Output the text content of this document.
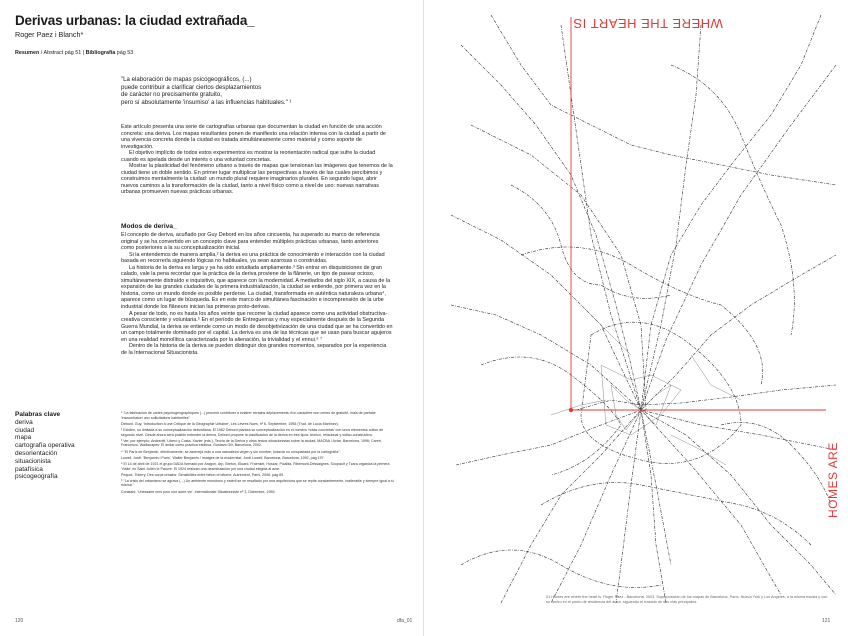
Derivas urbanas: la ciudad extrañada_
Roger Paez i Blanch*
Resumen / Abstract pág 51 | Bibliografía pág 53
"La elaboración de mapas psicogeográficos, (...)
puede contribuir a clarificar ciertos desplazamientos
de carácter no precisamente gratuito,
pero sí absolutamente 'insumiso' a las influencias habituales." ¹

Este artículo presenta una serie de cartografías urbanas que documentan la ciudad en función de una acción concreta: una deriva. Los mapas resultantes ponen de manifiesto una relación intensa con la ciudad a partir de una vivencia concreta donde la ciudad es tratada simultáneamente como material y como soporte de investigación.

El objetivo implícito de todos estos experimentos es mostrar la reorientación radical que sufre la ciudad cuando es apelada desde un interés o una voluntad concretas.

Mostrar la plasticidad del fenómeno urbano a través de mapas que tensionan las imágenes que tenemos de la ciudad tiene un doble sentido. En primer lugar multiplicar las perspectivas a través de las cuales percibimos y construimos mentalmente la ciudad: un mundo plural requiere imaginarios plurales. En segundo lugar, abrir nuevos caminos a la transformación de la ciudad, tanto a nivel físico como a nivel de uso: nuevas narrativas urbanas promueven nuevas prácticas urbanas.

Modos de deriva_

El concepto de deriva, acuñado por Guy Debord en los años cincuenta, ha superado su marco de referencia original y se ha convertido en un concepto clave para entender múltiples prácticas urbanas, tanto anteriores como posteriores a la su conceptualización inicial.

Si la entendemos de manera amplia,² la deriva es una práctica de conocimiento e interacción con la ciudad basada en recorrerla siguiendo lógicas no habituales, ya sean azarosas o construidas.

La historia de la deriva es larga y ya ha sido estudiada ampliamente.³ Sin entrar en disquisiciones de gran calado, vale la pena recordar que la práctica de la deriva proviene de la flânerie, un tipo de pasear ocioso, simultáneamente distraído e inquisitivo, que aparece con la modernidad. A mediados del siglo XIX, a causa de la expansión de las grandes ciudades de la primera industrialización, la ciudad se entiende, por primera vez en la historia, como un mundo donde es posible perderse. La ciudad, transformada en auténtica naturaleza urbana⁴, aparece como un lugar de búsqueda. Es en este marco de simultánea fascinación e incomprensión de la urbe industrial donde los flâneurs inician las primeras proto-derivas.

A pesar de todo, no es hasta los años veinte que recorrer la ciudad aparece como una actividad obstructiva-creativa consciente y voluntaria.⁵ En el período de Entreguerras y muy especialmente después de la Segunda Guerra Mundial, la deriva se entiende como un modo de desobjetivización de una ciudad que se ha convertido en un campo totalmente dominado por el capital. La deriva es una de las técnicas que se usan para buscar agujeros en una realidad monolítica caracterizada por la alienación, la trivialidad y el ennui.⁶ ⁷

Dentro de la historia de la deriva se pueden distinguir dos grandes momentos, separados por la experiencia de la Internacional Situacionista.

Palabras clave
deriva
ciudad
mapa
cartografía operativa
desorientación
situacionista
patafísica
psicogeografía
¹ "La fabricación de cartes psychogéographiques (...) peuvent contribuer à éclairer certains déplacements d'un caractère non certes de gratuité, mais de parfaite 'insoumission' aux sollicitations habituelles"
Debord, Guy, 'Introduction à une Critique de la Géographie Urbaine', Les Lèvres Nues, nº 6, Septiembre, 1955 (Trad. de Lucía Martínez).
² Existen, no limitada a su conceptualización debordiana. El 1962 Debord plantea su conceptualización en el número 'notas concretas' con unos elementos cultos de segundo nivel. Desde ahora será posible entender la deriva, Debord propone la clasificación de la deriva en tres tipos: teórico, relacional y lúdico-constructivo.
³ Ver, por ejemplo: Andreotti, Libero y Costa, Xavier (eds.), Teoría de la Deriva y otros textos situacionistas sobre la ciudad, MACBA / Actar, Barcelona, 1996; Careri, Francesco, Walkscapes: El andar como práctica estética, Gustavo Gili, Barcelona, 2002.
⁴ "El París de Benjamin, efectivamente, se asemeja más a una naturaleza virgen y sin nombre, todavía no conquistada por la cartografía".
Lowell, Jordi. 'Benjamin i París', Walter Benjamin / Imatges de la modernitat, Jordi Lowell, Barcelona, Barcelona, 1992, pág 197.
⁵ El 14 de abril de 1921 el grupo DADA formado por Aragon, Arp, Breton, Eluard, Fraenkel, Huszar, Picabia, Ribemont-Dessaignes, Soupault y Tzara organiza la primera 'Visite' en Saint Julien le Pauvre. El 1924 realizan una deambulación por una ciudad elegida al azar.
Pequot, Thierry, Des corps urbains: Sensibilités entre béton et bitume, Autrement, París, 2006, pág 89.
⁶ "La crisis del urbanismo se agrava (...) Un ambiente monótono y estéril se ve resaltado por una arquitectura que se repite constantemente, inalterable y siempre igual a sí misma."
Constant. 'Unessaire vers pour une autre vie', Internationale Situationniste nº 3, Diciembre, 1959.
120	dfa_01
WHERE THE HEART IS
HOMES ARE
01 Homes are where the heart is. Roger Paez - Barcelona, 2003. Superposición de los mapas de Barcelona, París, Nueva York y Los Angeles, a la misma escala y con su centro en el punto de residencia del autor, siguiendo el trazado de sus vías principales.
121
